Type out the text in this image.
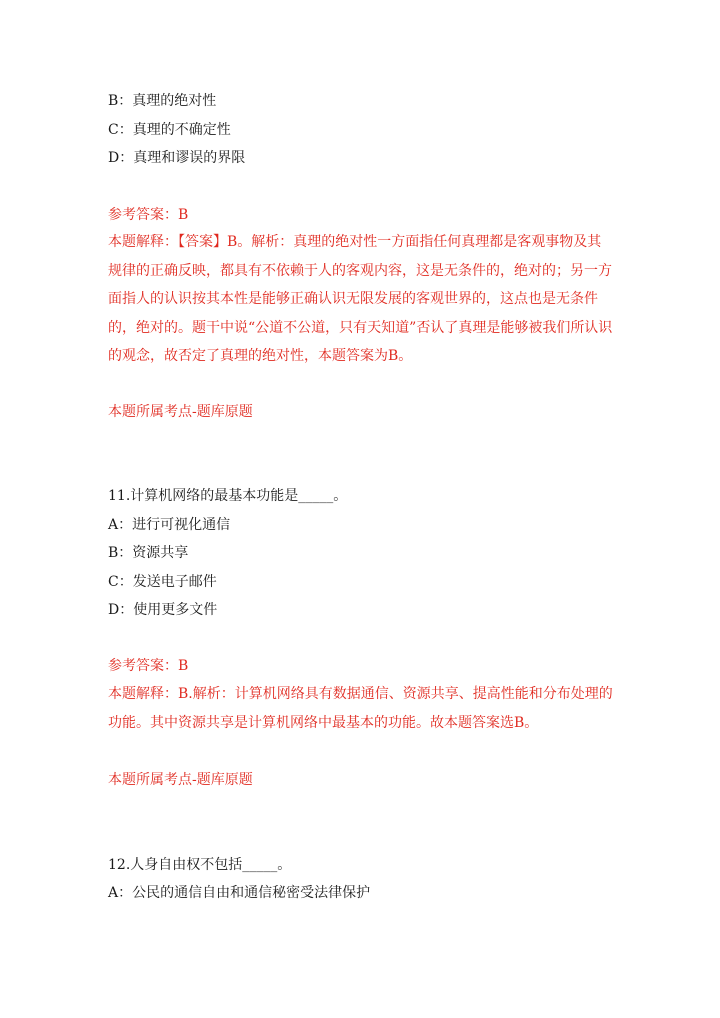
B：真理的绝对性
C：真理的不确定性
D：真理和谬误的界限
参考答案：B
本题解释：【答案】B。解析：真理的绝对性一方面指任何真理都是客观事物及其规律的正确反映，都具有不依赖于人的客观内容，这是无条件的，绝对的；另一方面指人的认识按其本性是能够正确认识无限发展的客观世界的，这点也是无条件的，绝对的。题干中说“公道不公道，只有天知道”否认了真理是能够被我们所认识的观念，故否定了真理的绝对性，本题答案为B。
本题所属考点-题库原题
11.计算机网络的最基本功能是_____。
A：进行可视化通信
B：资源共享
C：发送电子邮件
D：使用更多文件
参考答案：B
本题解释：B.解析：计算机网络具有数据通信、资源共享、提高性能和分布处理的功能。其中资源共享是计算机网络中最基本的功能。故本题答案选B。
本题所属考点-题库原题
12.人身自由权不包括_____。
A：公民的通信自由和通信秘密受法律保护
